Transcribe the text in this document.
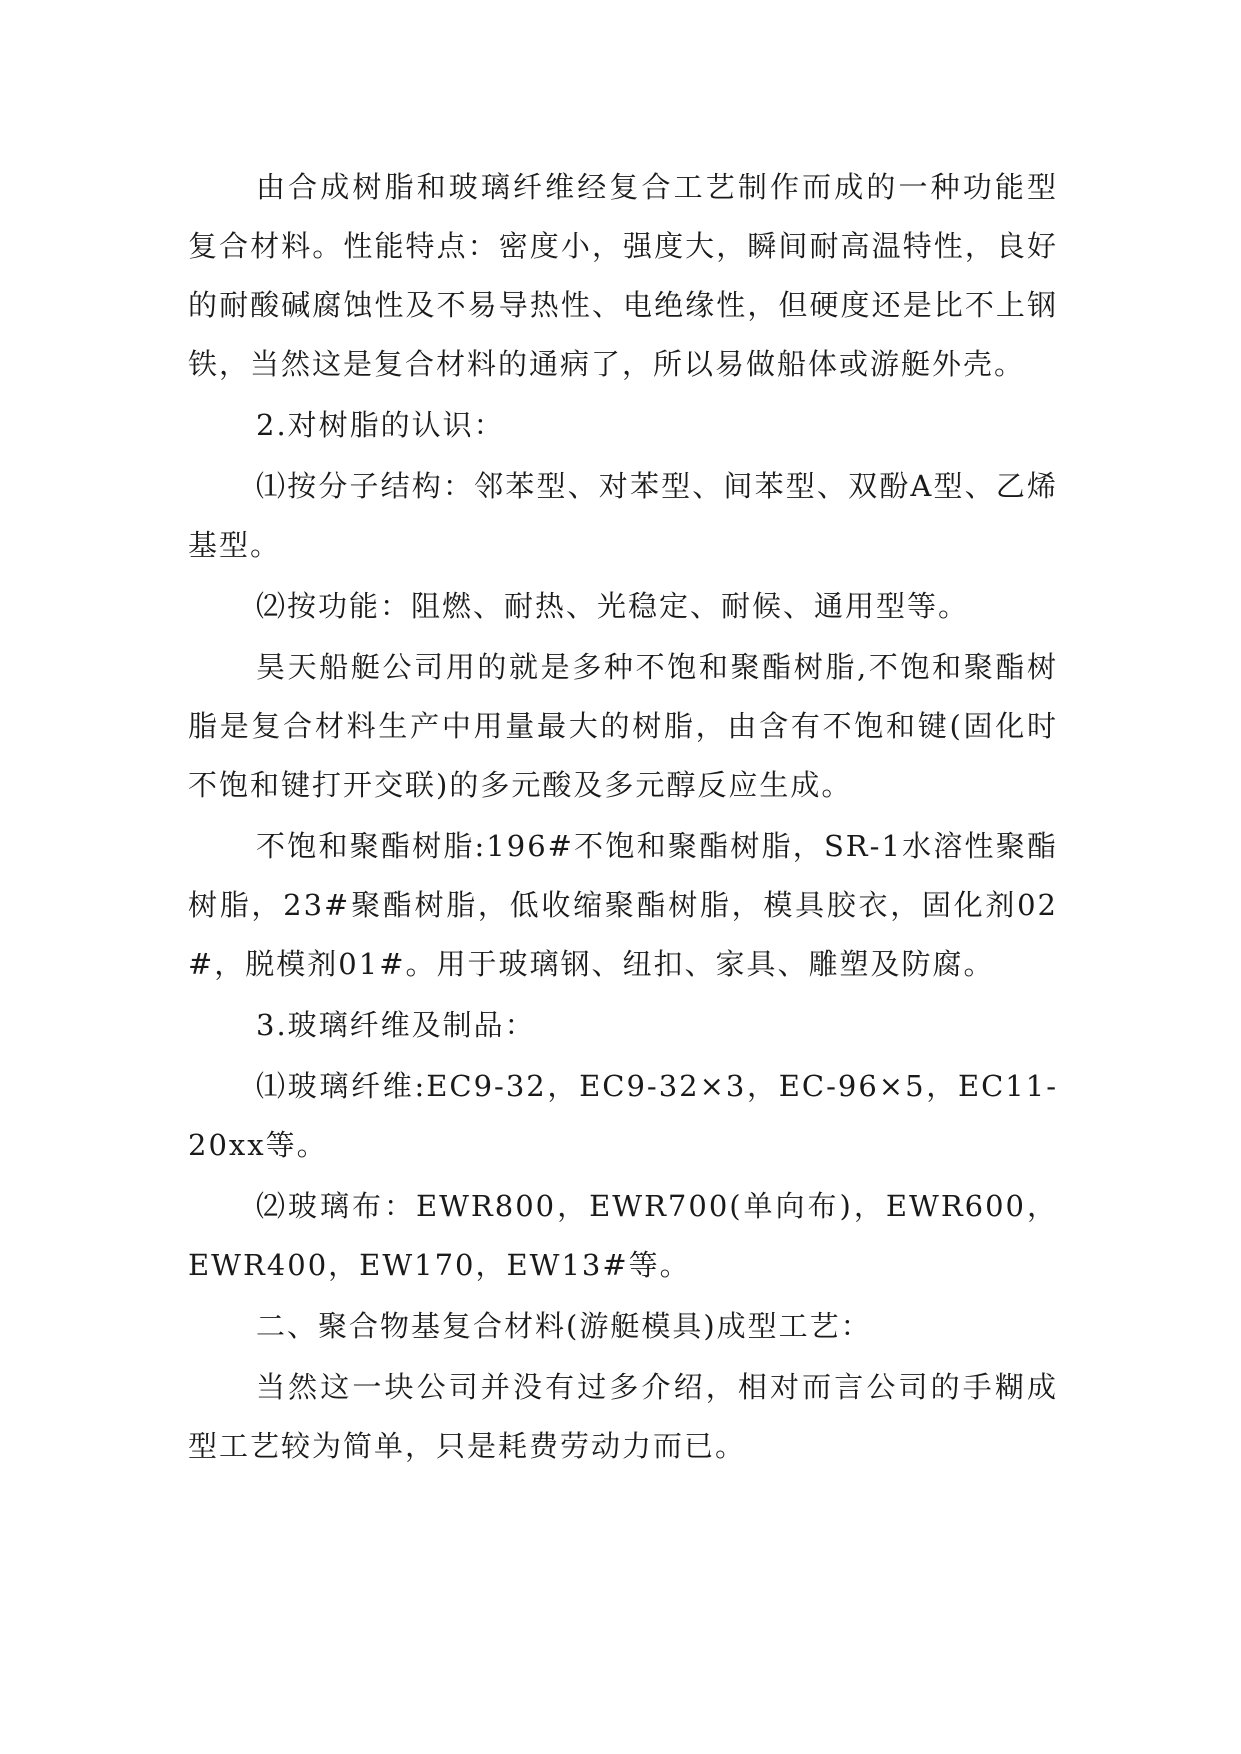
由合成树脂和玻璃纤维经复合工艺制作而成的一种功能型复合材料。性能特点：密度小，强度大，瞬间耐高温特性，良好的耐酸碱腐蚀性及不易导热性、电绝缘性，但硬度还是比不上钢铁，当然这是复合材料的通病了，所以易做船体或游艇外壳。

2.对树脂的认识：

⑴按分子结构：邻苯型、对苯型、间苯型、双酚A型、乙烯基型。

⑵按功能：阻燃、耐热、光稳定、耐候、通用型等。

昊天船艇公司用的就是多种不饱和聚酯树脂,不饱和聚酯树脂是复合材料生产中用量最大的树脂，由含有不饱和键(固化时不饱和键打开交联)的多元酸及多元醇反应生成。

不饱和聚酯树脂:196#不饱和聚酯树脂，SR-1水溶性聚酯树脂，23#聚酯树脂，低收缩聚酯树脂，模具胶衣，固化剂02#，脱模剂01#。用于玻璃钢、纽扣、家具、雕塑及防腐。

3.玻璃纤维及制品：

⑴玻璃纤维:EC9-32，EC9-32×3，EC-96×5，EC11-20xx等。

⑵玻璃布：EWR800，EWR700(单向布)，EWR600，EWR400，EW170，EW13#等。

二、聚合物基复合材料(游艇模具)成型工艺：

当然这一块公司并没有过多介绍，相对而言公司的手糊成型工艺较为简单，只是耗费劳动力而已。
